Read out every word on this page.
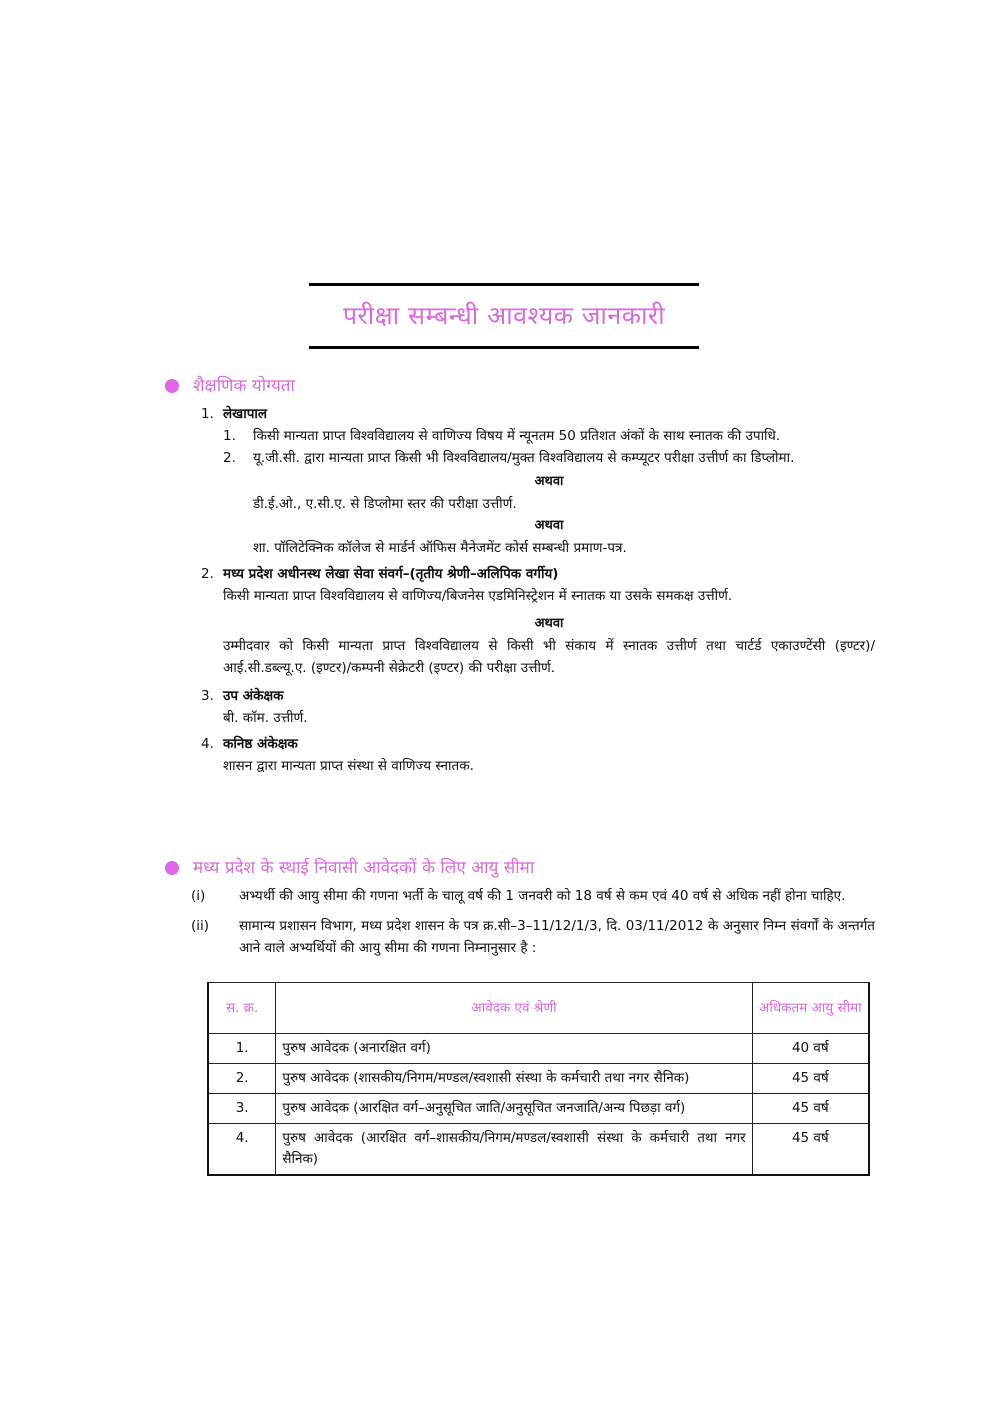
परीक्षा सम्बन्धी आवश्यक जानकारी
शैक्षणिक योग्यता
1. लेखापाल
1. किसी मान्यता प्राप्त विश्वविद्यालय से वाणिज्य विषय में न्यूनतम 50 प्रतिशत अंकों के साथ स्नातक की उपाधि.
2. यू.जी.सी. द्वारा मान्यता प्राप्त किसी भी विश्वविद्यालय/मुक्त विश्वविद्यालय से कम्प्यूटर परीक्षा उत्तीर्ण का डिप्लोमा.
अथवा
डी.ई.ओ., ए.सी.ए. से डिप्लोमा स्तर की परीक्षा उत्तीर्ण.
अथवा
शा. पॉलिटेक्निक कॉलेज से मार्डर्न ऑफिस मैनेजमेंट कोर्स सम्बन्धी प्रमाण-पत्र.
2. मध्य प्रदेश अधीनस्थ लेखा सेवा संवर्ग–(तृतीय श्रेणी–अलिपिक वर्गीय)
किसी मान्यता प्राप्त विश्वविद्यालय से वाणिज्य/बिजनेस एडमिनिस्ट्रेशन में स्नातक या उसके समकक्ष उत्तीर्ण.
अथवा
उम्मीदवार को किसी मान्यता प्राप्त विश्वविद्यालय से किसी भी संकाय में स्नातक उत्तीर्ण तथा चार्टर्ड एकाउण्टेंसी (इण्टर)/आई.सी.डब्ल्यू.ए. (इण्टर)/कम्पनी सेक्रेटरी (इण्टर) की परीक्षा उत्तीर्ण.
3. उप अंकेक्षक
बी. कॉम. उत्तीर्ण.
4. कनिष्ठ अंकेक्षक
शासन द्वारा मान्यता प्राप्त संस्था से वाणिज्य स्नातक.
मध्य प्रदेश के स्थाई निवासी आवेदकों के लिए आयु सीमा
(i) अभ्यर्थी की आयु सीमा की गणना भर्ती के चालू वर्ष की 1 जनवरी को 18 वर्ष से कम एवं 40 वर्ष से अधिक नहीं होना चाहिए.
(ii) सामान्य प्रशासन विभाग, मध्य प्रदेश शासन के पत्र क्र.सी–3–11/12/1/3, दि. 03/11/2012 के अनुसार निम्न संवर्गों के अन्तर्गत आने वाले अभ्यर्थियों की आयु सीमा की गणना निम्नानुसार है :
स. क्र.	आवेदक एवं श्रेणी	अधिकतम आयु सीमा
1.	पुरुष आवेदक (अनारक्षित वर्ग)	40 वर्ष
2.	पुरुष आवेदक (शासकीय/निगम/मण्डल/स्वशासी संस्था के कर्मचारी तथा नगर सैनिक)	45 वर्ष
3.	पुरुष आवेदक (आरक्षित वर्ग–अनुसूचित जाति/अनुसूचित जनजाति/अन्य पिछड़ा वर्ग)	45 वर्ष
4.	पुरुष आवेदक (आरक्षित वर्ग–शासकीय/निगम/मण्डल/स्वशासी संस्था के कर्मचारी तथा नगर सैनिक)	45 वर्ष
